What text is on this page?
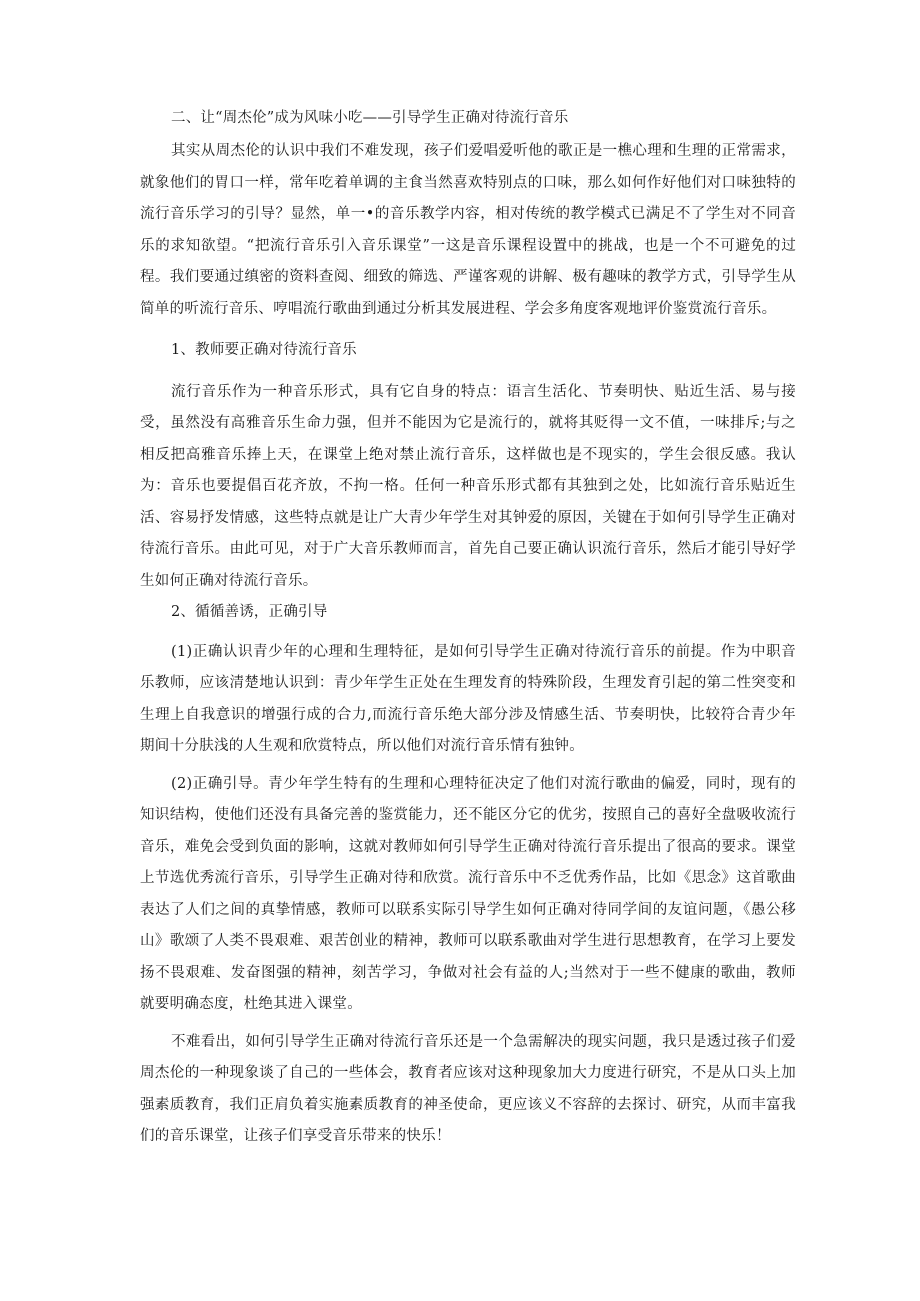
二、让“周杰伦”成为风味小吃——引导学生正确对待流行音乐

其实从周杰伦的认识中我们不难发现，孩子们爱唱爱听他的歌正是一樵心理和生理的正常需求，就象他们的胃口一样，常年吃着单调的主食当然喜欢特别点的口味，那么如何作好他们对口味独特的流行音乐学习的引导？显然，单一•的音乐教学内容，相对传统的教学模式已满足不了学生对不同音乐的求知欲望。“把流行音乐引入音乐课堂”一这是音乐课程设置中的挑战，也是一个不可避免的过程。我们要通过缜密的资料查阅、细致的筛选、严谨客观的讲解、极有趣味的教学方式，引导学生从简单的听流行音乐、哼唱流行歌曲到通过分析其发展进程、学会多角度客观地评价鉴赏流行音乐。

1、教师要正确对待流行音乐

流行音乐作为一种音乐形式，具有它自身的特点：语言生活化、节奏明快、贴近生活、易与接受，虽然没有高雅音乐生命力强，但并不能因为它是流行的，就将其贬得一文不值，一味排斥;与之相反把高雅音乐捧上天，在课堂上绝对禁止流行音乐，这样做也是不现实的，学生会很反感。我认为：音乐也要提倡百花齐放，不拘一格。任何一种音乐形式都有其独到之处，比如流行音乐贴近生活、容易抒发情感，这些特点就是让广大青少年学生对其钟爱的原因，关键在于如何引导学生正确对待流行音乐。由此可见，对于广大音乐教师而言，首先自己要正确认识流行音乐，然后才能引导好学生如何正确对待流行音乐。

2、循循善诱，正确引导

(1)正确认识青少年的心理和生理特征，是如何引导学生正确对待流行音乐的前提。作为中职音乐教师，应该清楚地认识到：青少年学生正处在生理发育的特殊阶段，生理发育引起的第二性突变和生理上自我意识的增强行成的合力,而流行音乐绝大部分涉及情感生活、节奏明快，比较符合青少年期间十分肤浅的人生观和欣赏特点，所以他们对流行音乐情有独钟。

(2)正确引导。青少年学生特有的生理和心理特征决定了他们对流行歌曲的偏爱，同时，现有的知识结构，使他们还没有具备完善的鉴赏能力，还不能区分它的优劣，按照自己的喜好全盘吸收流行音乐，难免会受到负面的影响，这就对教师如何引导学生正确对待流行音乐提出了很高的要求。课堂上节选优秀流行音乐，引导学生正确对待和欣赏。流行音乐中不乏优秀作品，比如《思念》这首歌曲表达了人们之间的真挚情感，教师可以联系实际引导学生如何正确对待同学间的友谊问题，《愚公移山》歌颂了人类不畏艰难、艰苦创业的精神，教师可以联系歌曲对学生进行思想教育，在学习上要发扬不畏艰难、发奋图强的精神，刻苦学习，争做对社会有益的人;当然对于一些不健康的歌曲，教师就要明确态度，杜绝其进入课堂。

不难看出，如何引导学生正确对待流行音乐还是一个急需解决的现实问题，我只是透过孩子们爱周杰伦的一种现象谈了自己的一些体会，教育者应该对这种现象加大力度进行研究，不是从口头上加强素质教育，我们正肩负着实施素质教育的神圣使命，更应该义不容辞的去探讨、研究，从而丰富我们的音乐课堂，让孩子们享受音乐带来的快乐！
